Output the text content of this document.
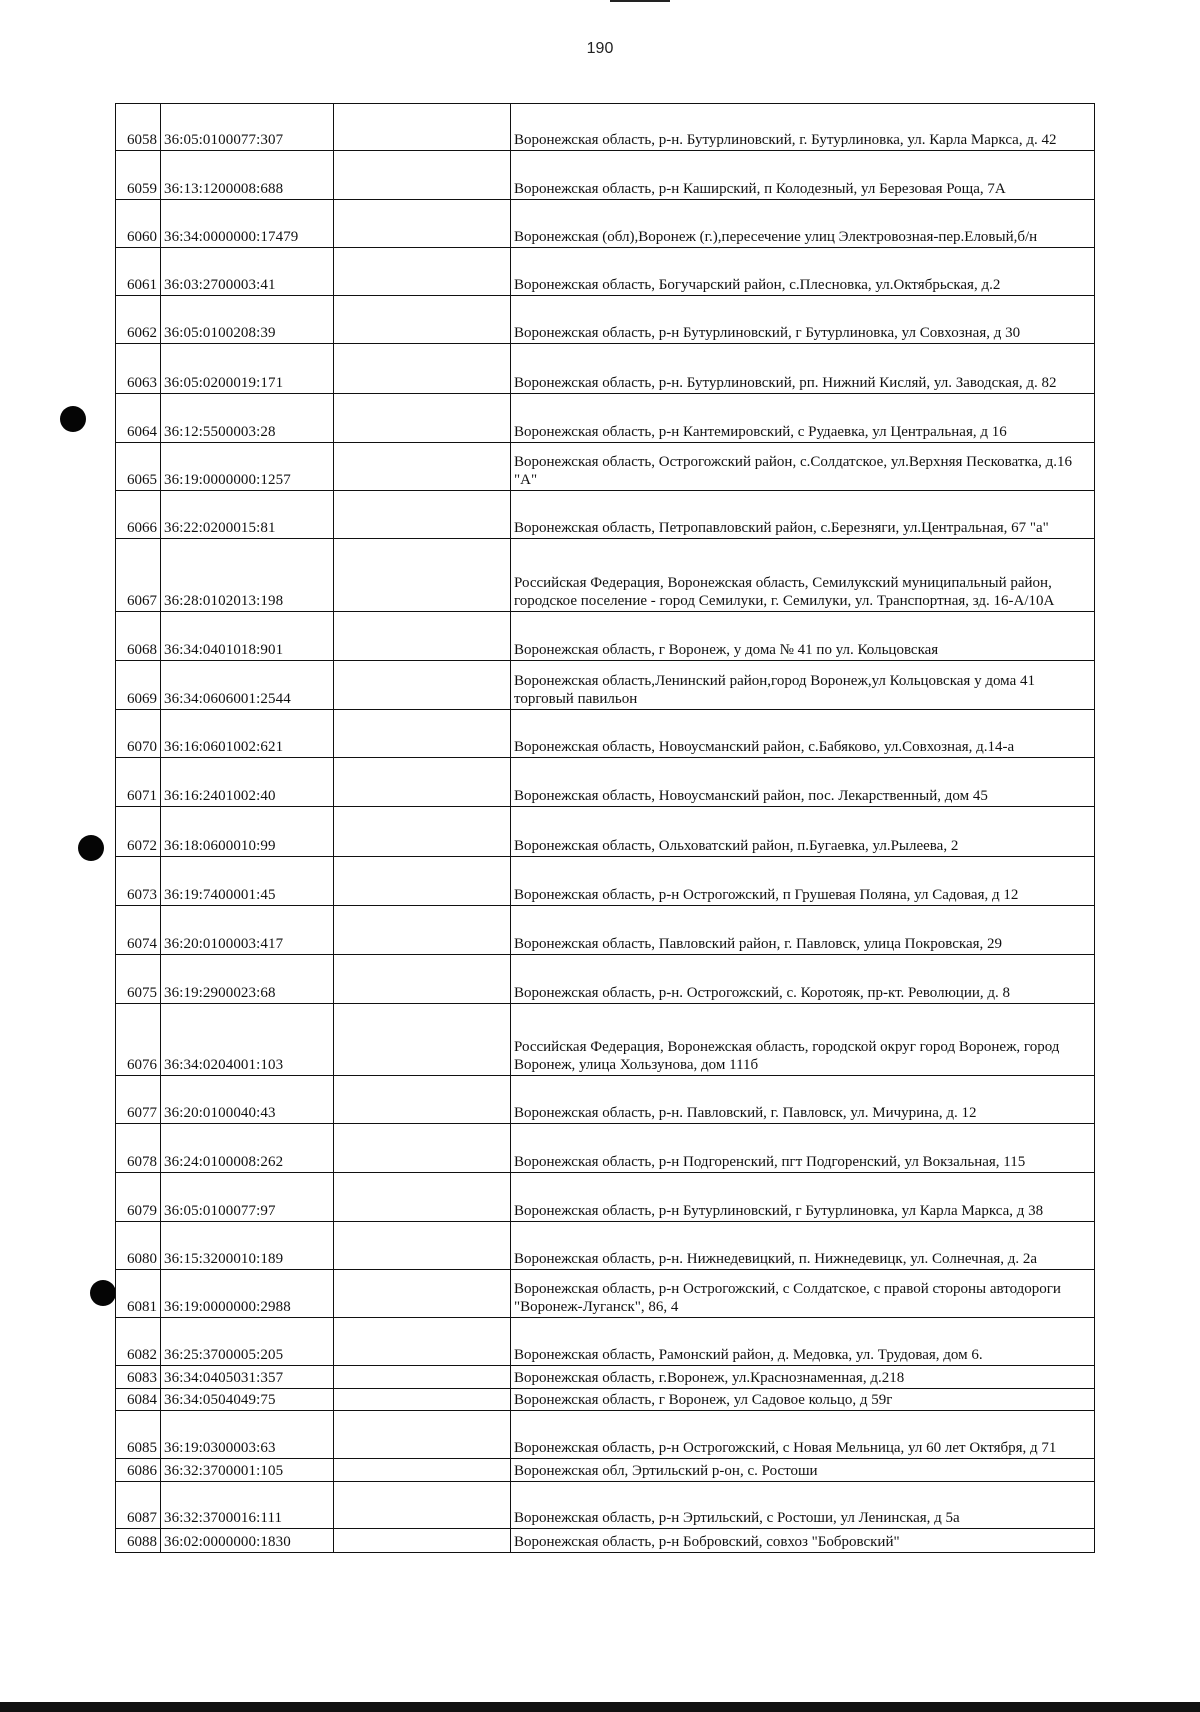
190
6058	36:05:0100077:307		Воронежская область, р-н. Бутурлиновский, г. Бутурлиновка, ул. Карла Маркса, д. 42
6059	36:13:1200008:688		Воронежская область, р-н Каширский, п Колодезный, ул Березовая Роща, 7А
6060	36:34:0000000:17479		Воронежская (обл),Воронеж (г.),пересечение улиц Электровозная-пер.Еловый,б/н
6061	36:03:2700003:41		Воронежская область, Богучарский район, с.Плесновка, ул.Октябрьская, д.2
6062	36:05:0100208:39		Воронежская область, р-н Бутурлиновский, г Бутурлиновка, ул Совхозная, д 30
6063	36:05:0200019:171		Воронежская область, р-н. Бутурлиновский, рп. Нижний Кисляй, ул. Заводская, д. 82
6064	36:12:5500003:28		Воронежская область, р-н Кантемировский, с Рудаевка, ул Центральная, д 16
6065	36:19:0000000:1257		Воронежская область, Острогожский район, с.Солдатское, ул.Верхняя Песковатка, д.16 "А"
6066	36:22:0200015:81		Воронежская область, Петропавловский район, с.Березняги, ул.Центральная, 67 "а"
6067	36:28:0102013:198		Российская Федерация, Воронежская область, Семилукский муниципальный район, городское поселение - город Семилуки, г. Семилуки, ул. Транспортная, зд. 16-А/10А
6068	36:34:0401018:901		Воронежская область, г Воронеж, у дома № 41 по ул. Кольцовская
6069	36:34:0606001:2544		Воронежская область,Ленинский район,город Воронеж,ул Кольцовская у дома 41 торговый павильон
6070	36:16:0601002:621		Воронежская область, Новоусманский район, с.Бабяково, ул.Совхозная, д.14-а
6071	36:16:2401002:40		Воронежская область, Новоусманский район, пос. Лекарственный, дом 45
6072	36:18:0600010:99		Воронежская область, Ольховатский район, п.Бугаевка, ул.Рылеева, 2
6073	36:19:7400001:45		Воронежская область, р-н Острогожский, п Грушевая Поляна, ул Садовая, д 12
6074	36:20:0100003:417		Воронежская область, Павловский район, г. Павловск, улица Покровская, 29
6075	36:19:2900023:68		Воронежская область, р-н. Острогожский, с. Коротояк, пр-кт. Революции, д. 8
6076	36:34:0204001:103		Российская Федерация, Воронежская область, городской округ город Воронеж, город Воронеж, улица Хользунова, дом 111б
6077	36:20:0100040:43		Воронежская область, р-н. Павловский, г. Павловск, ул. Мичурина, д. 12
6078	36:24:0100008:262		Воронежская область, р-н Подгоренский, пгт Подгоренский, ул Вокзальная, 115
6079	36:05:0100077:97		Воронежская область, р-н Бутурлиновский, г Бутурлиновка, ул Карла Маркса, д 38
6080	36:15:3200010:189		Воронежская область, р-н. Нижнедевицкий, п. Нижнедевицк, ул. Солнечная, д. 2а
6081	36:19:0000000:2988		Воронежская область, р-н Острогожский, с Солдатское, с правой стороны автодороги "Воронеж-Луганск", 86, 4
6082	36:25:3700005:205		Воронежская область, Рамонский район, д. Медовка, ул. Трудовая, дом 6.
6083	36:34:0405031:357		Воронежская область, г.Воронеж, ул.Краснознаменная, д.218
6084	36:34:0504049:75		Воронежская область, г Воронеж, ул Садовое кольцо, д 59г
6085	36:19:0300003:63		Воронежская область, р-н Острогожский, с Новая Мельница, ул 60 лет Октября, д 71
6086	36:32:3700001:105		Воронежская обл, Эртильский р-он, с. Ростоши
6087	36:32:3700016:111		Воронежская область, р-н Эртильский, с Ростоши, ул Ленинская, д 5а
6088	36:02:0000000:1830		Воронежская область, р-н Бобровский, совхоз "Бобровский"
